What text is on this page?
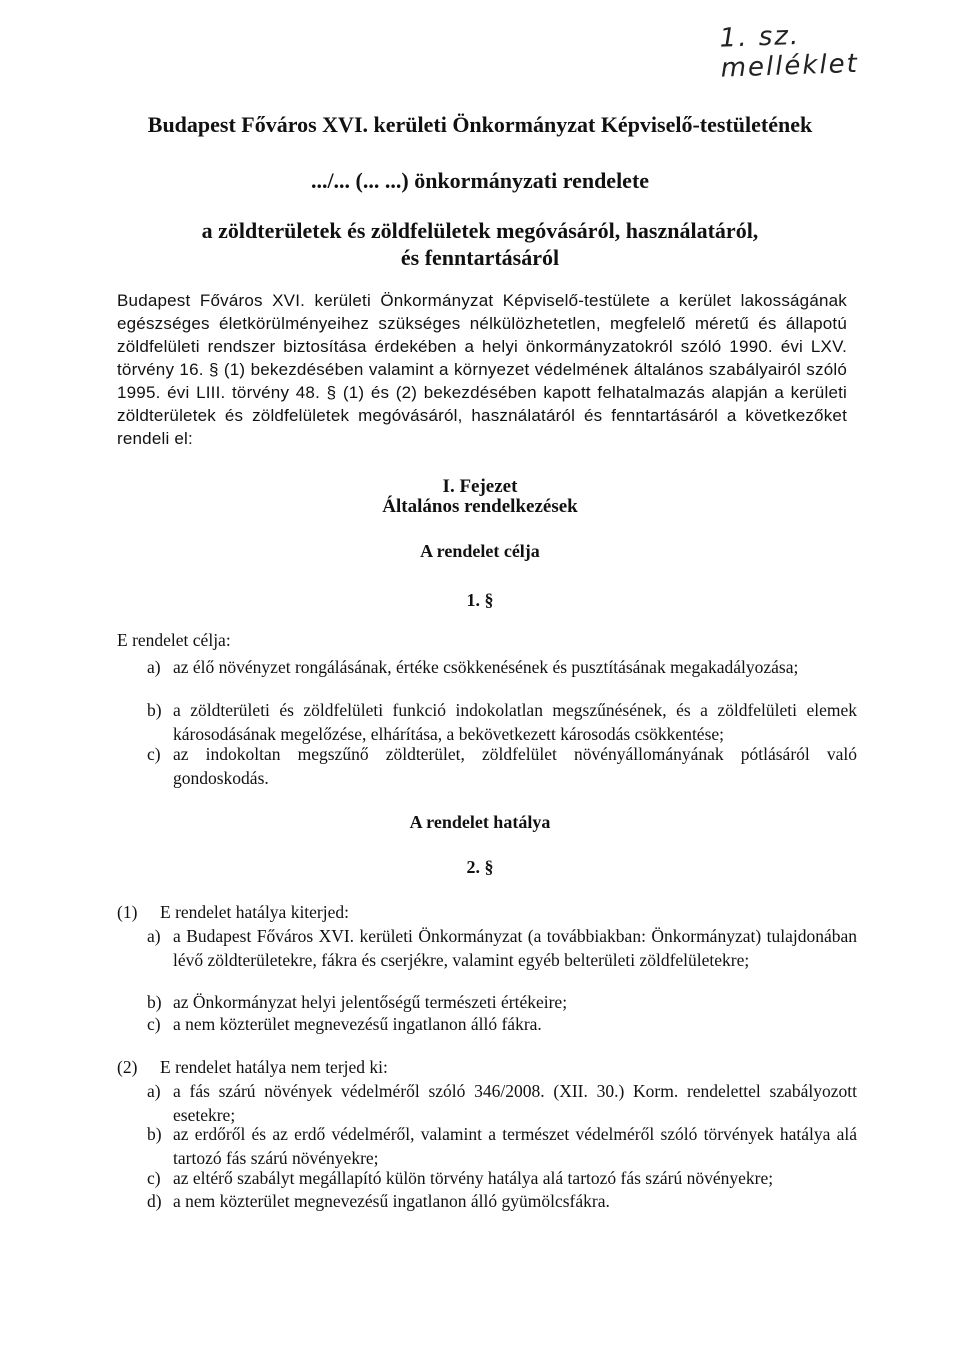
1. sz. melléklet
Budapest Főváros XVI. kerületi Önkormányzat Képviselő-testületének
.../... (... ...) önkormányzati rendelete
a zöldterületek és zöldfelületek megóvásáról, használatáról,
és fenntartásáról
Budapest Főváros XVI. kerületi Önkormányzat Képviselő-testülete a kerület lakosságának egészséges életkörülményeihez szükséges nélkülözhetetlen, megfelelő méretű és állapotú zöldfelületi rendszer biztosítása érdekében a helyi önkormányzatokról szóló 1990. évi LXV. törvény 16. § (1) bekezdésében valamint a környezet védelmének általános szabályairól szóló 1995. évi LIII. törvény 48. § (1) és (2) bekezdésében kapott felhatalmazás alapján a kerületi zöldterületek és zöldfelületek megóvásáról, használatáról és fenntartásáról a következőket rendeli el:
I. Fejezet
Általános rendelkezések
A rendelet célja
1. §
E rendelet célja:
a) az élő növényzet rongálásának, értéke csökkenésének és pusztításának megakadályozása;
b) a zöldterületi és zöldfelületi funkció indokolatlan megszűnésének, és a zöldfelületi elemek károsodásának megelőzése, elhárítása, a bekövetkezett károsodás csökkentése;
c) az indokoltan megszűnő zöldterület, zöldfelület növényállományának pótlásáról való gondoskodás.
A rendelet hatálya
2. §
(1) E rendelet hatálya kiterjed:
a) a Budapest Főváros XVI. kerületi Önkormányzat (a továbbiakban: Önkormányzat) tulajdonában lévő zöldterületekre, fákra és cserjékre, valamint egyéb belterületi zöldfelületekre;
b) az Önkormányzat helyi jelentőségű természeti értékeire;
c) a nem közterület megnevezésű ingatlanon álló fákra.
(2) E rendelet hatálya nem terjed ki:
a) a fás szárú növények védelméről szóló 346/2008. (XII. 30.) Korm. rendelettel szabályozott esetekre;
b) az erdőről és az erdő védelméről, valamint a természet védelméről szóló törvények hatálya alá tartozó fás szárú növényekre;
c) az eltérő szabályt megállapító külön törvény hatálya alá tartozó fás szárú növényekre;
d) a nem közterület megnevezésű ingatlanon álló gyümölcsfákra.
